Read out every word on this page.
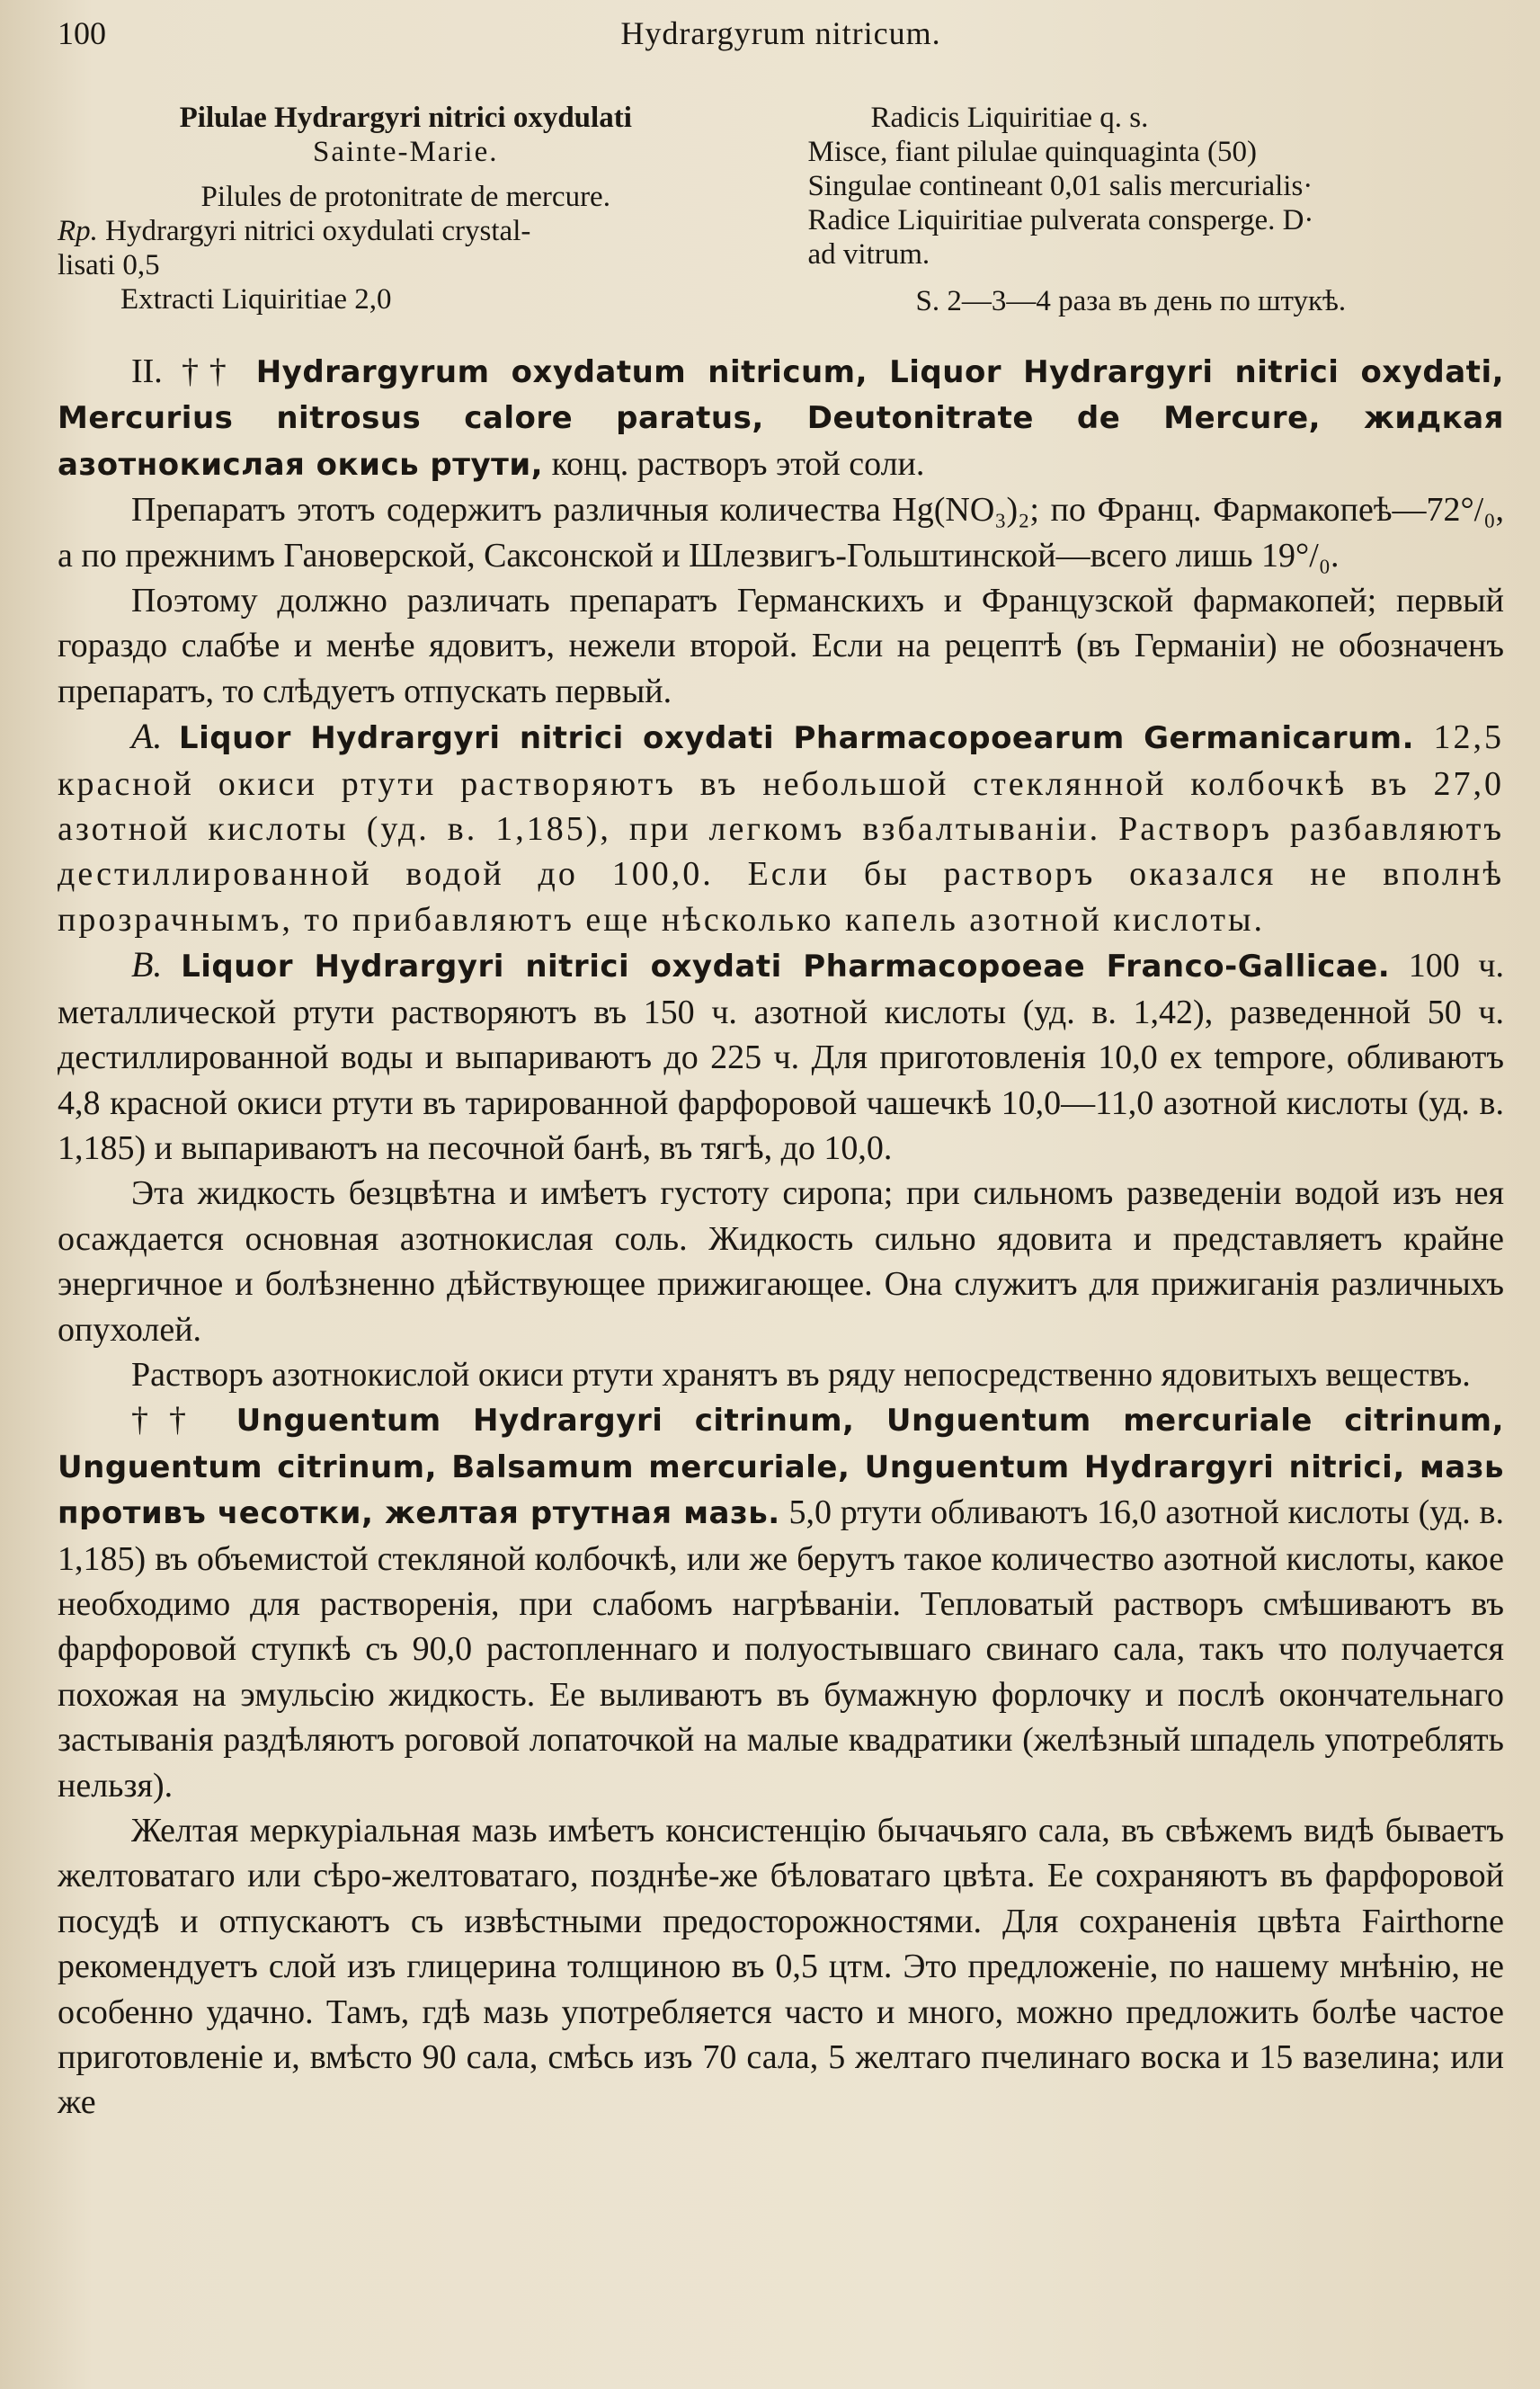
100	Hydrargyrum nitricum.

Pilulae Hydrargyri nitrici oxydulati

Sainte-Marie.

Pilules de protonitrate de mercure.

Rp. Hydrargyri nitrici oxydulati crystal-

lisati 0,5

Extracti Liquiritiae 2,0

Radicis Liquiritiae q. s.

Misce, fiant pilulae quinquaginta (50)

Singulae contineant 0,01 salis mercurialis·

Radice Liquiritiae pulverata consperge. D·

ad vitrum.

S. 2—3—4 раза въ день по штукѣ.

II. †† Hydrargyrum oxydatum nitricum, Liquor Hydrargyri nitrici oxydati, Mercurius nitrosus calore paratus, Deutonitrate de Mercure, жидкая азотнокислая окись ртути, конц. растворъ этой соли.

Препаратъ этотъ содержитъ различныя количества Hg(NO₃)₂; по Франц. Фармакопеѣ—72°/₀, а по прежнимъ Гановерской, Саксонской и Шлезвигъ-Гольштинской—всего лишь 19°/₀.

Поэтому должно различать препаратъ Германскихъ и Французской фармакопей; первый гораздо слабѣе и менѣе ядовитъ, нежели второй. Если на рецептѣ (въ Германіи) не обозначенъ препаратъ, то слѣдуетъ отпускать первый.

A. Liquor Hydrargyri nitrici oxydati Pharmacopoearum Germanicarum. 12,5 красной окиси ртути растворяютъ въ небольшой стеклянной колбочкѣ въ 27,0 азотной кислоты (уд. в. 1,185), при легкомъ взбалтываніи. Растворъ разбавляютъ дестиллированной водой до 100,0. Если бы растворъ оказался не вполнѣ прозрачнымъ, то прибавляютъ еще нѣсколько капель азотной кислоты.

B. Liquor Hydrargyri nitrici oxydati Pharmacopoeae Franco-Gallicae. 100 ч. металлической ртути растворяютъ въ 150 ч. азотной кислоты (уд. в. 1,42), разведенной 50 ч. дестиллированной воды и выпариваютъ до 225 ч. Для приготовленія 10,0 ex tempore, обливаютъ 4,8 красной окиси ртути въ тарированной фарфоровой чашечкѣ 10,0—11,0 азотной кислоты (уд. в. 1,185) и выпариваютъ на песочной банѣ, въ тягѣ, до 10,0.

Эта жидкость безцвѣтна и имѣетъ густоту сиропа; при сильномъ разведеніи водой изъ нея осаждается основная азотнокислая соль. Жидкость сильно ядовита и представляетъ крайне энергичное и болѣзненно дѣйствующее прижигающее. Она служитъ для прижиганія различныхъ опухолей.

Растворъ азотнокислой окиси ртути хранятъ въ ряду непосредственно ядовитыхъ веществъ.

†† Unguentum Hydrargyri citrinum, Unguentum mercuriale citrinum, Unguentum citrinum, Balsamum mercuriale, Unguentum Hydrargyri nitrici, мазь противъ чесотки, желтая ртутная мазь. 5,0 ртути обливаютъ 16,0 азотной кислоты (уд. в. 1,185) въ объемистой стекляной колбочкѣ, или же берутъ такое количество азотной кислоты, какое необходимо для растворенія, при слабомъ нагрѣваніи. Тепловатый растворъ смѣшиваютъ въ фарфоровой ступкѣ съ 90,0 растопленнаго и полуостывшаго свинаго сала, такъ что получается похожая на эмульсію жидкость. Ее выливаютъ въ бумажную форлочку и послѣ окончательнаго застыванія раздѣляютъ роговой лопаточкой на малые квадратики (желѣзный шпадель употреблять нельзя).

Желтая меркуріальная мазь имѣетъ консистенцію бычачьяго сала, въ свѣжемъ видѣ бываетъ желтоватаго или сѣро-желтоватаго, позднѣе-же бѣловатаго цвѣта. Ее сохраняютъ въ фарфоровой посудѣ и отпускаютъ съ извѣстными предосторожностями. Для сохраненія цвѣта Fairthorne рекомендуетъ слой изъ глицерина толщиною въ 0,5 цтм. Это предложеніе, по нашему мнѣнію, не особенно удачно. Тамъ, гдѣ мазь употребляется часто и много, можно предложить болѣе частое приготовленіе и, вмѣсто 90 сала, смѣсь изъ 70 сала, 5 желтаго пчелинаго воска и 15 вазелина; или же
